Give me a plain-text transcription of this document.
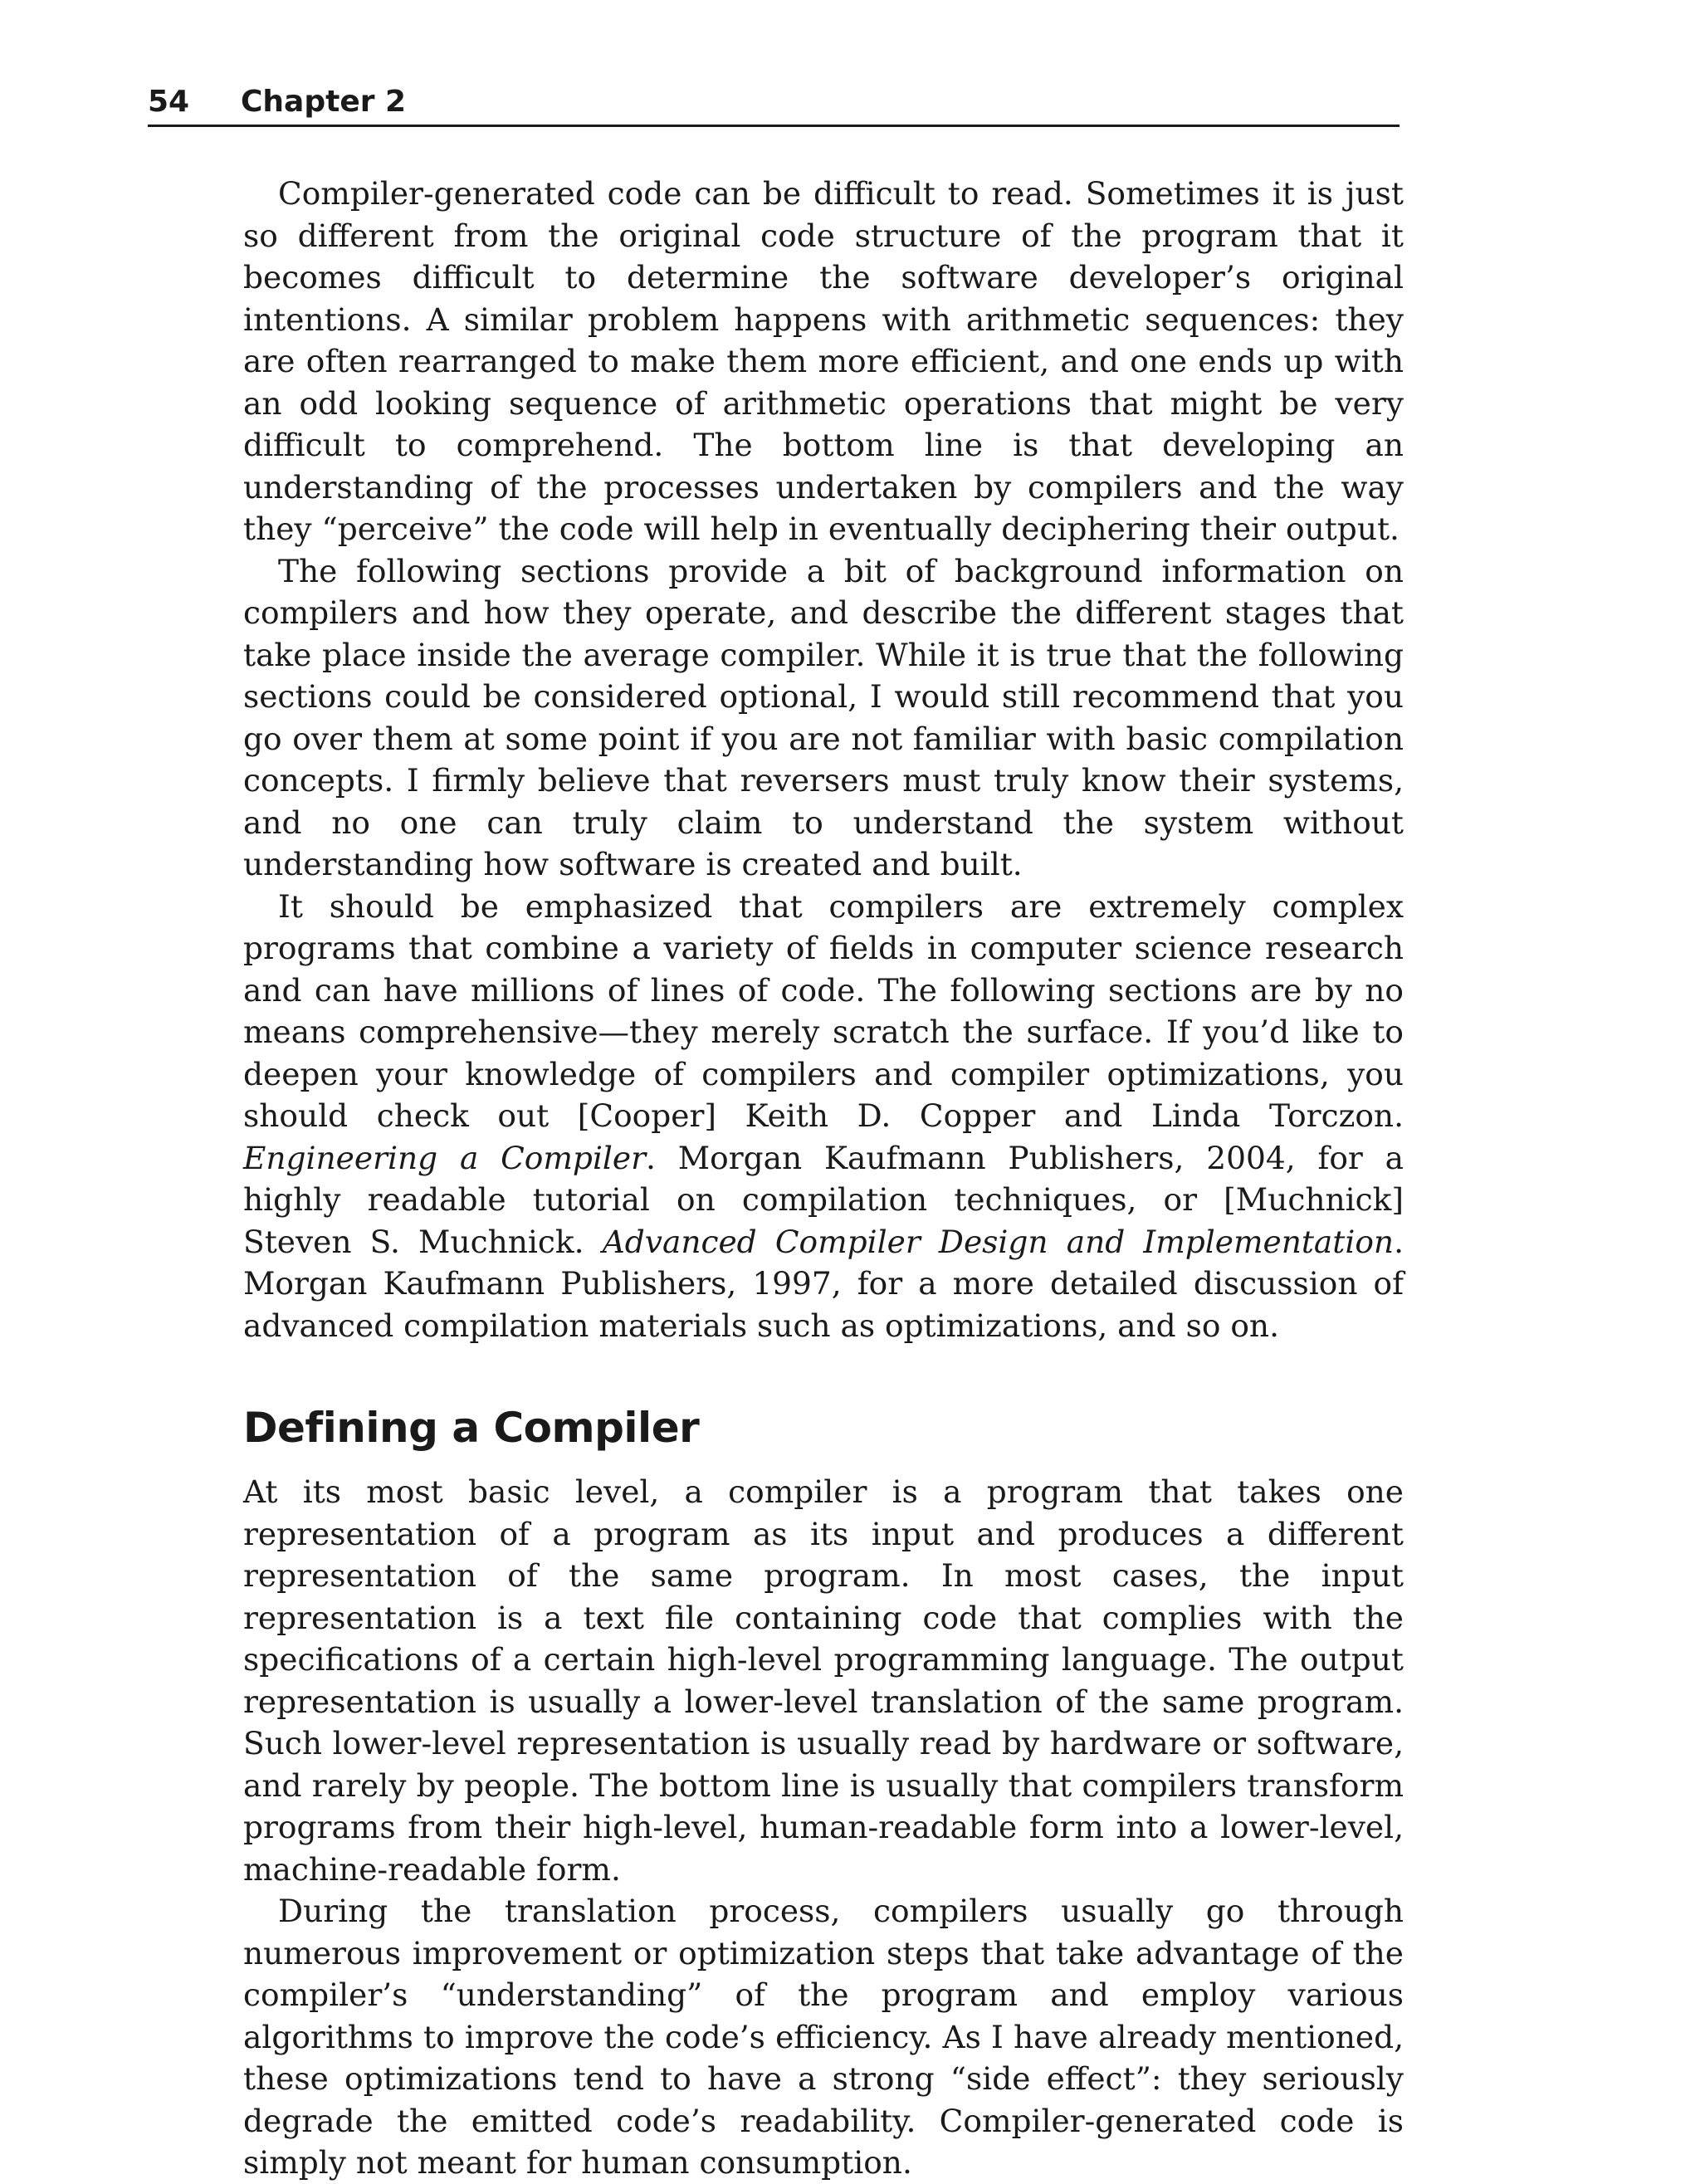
54 Chapter 2

Compiler-generated code can be difficult to read. Sometimes it is just so different from the original code structure of the program that it becomes difficult to determine the software developer’s original intentions. A similar problem happens with arithmetic sequences: they are often rearranged to make them more efficient, and one ends up with an odd looking sequence of arithmetic operations that might be very difficult to comprehend. The bottom line is that developing an understanding of the processes undertaken by compilers and the way they “perceive” the code will help in eventually deciphering their output.

The following sections provide a bit of background information on compilers and how they operate, and describe the different stages that take place inside the average compiler. While it is true that the following sections could be considered optional, I would still recommend that you go over them at some point if you are not familiar with basic compilation concepts. I firmly believe that reversers must truly know their systems, and no one can truly claim to understand the system without understanding how software is created and built.

It should be emphasized that compilers are extremely complex programs that combine a variety of fields in computer science research and can have millions of lines of code. The following sections are by no means comprehensive—they merely scratch the surface. If you’d like to deepen your knowledge of compilers and compiler optimizations, you should check out [Cooper] Keith D. Copper and Linda Torczon. Engineering a Compiler. Morgan Kaufmann Publishers, 2004, for a highly readable tutorial on compilation techniques, or [Muchnick] Steven S. Muchnick. Advanced Compiler Design and Implementation. Morgan Kaufmann Publishers, 1997, for a more detailed discussion of advanced compilation materials such as optimizations, and so on.

Defining a Compiler

At its most basic level, a compiler is a program that takes one representation of a program as its input and produces a different representation of the same program. In most cases, the input representation is a text file containing code that complies with the specifications of a certain high-level programming language. The output representation is usually a lower-level translation of the same program. Such lower-level representation is usually read by hardware or software, and rarely by people. The bottom line is usually that compilers transform programs from their high-level, human-readable form into a lower-level, machine-readable form.

During the translation process, compilers usually go through numerous improvement or optimization steps that take advantage of the compiler’s “understanding” of the program and employ various algorithms to improve the code’s efficiency. As I have already mentioned, these optimizations tend to have a strong “side effect”: they seriously degrade the emitted code’s readability. Compiler-generated code is simply not meant for human consumption.
